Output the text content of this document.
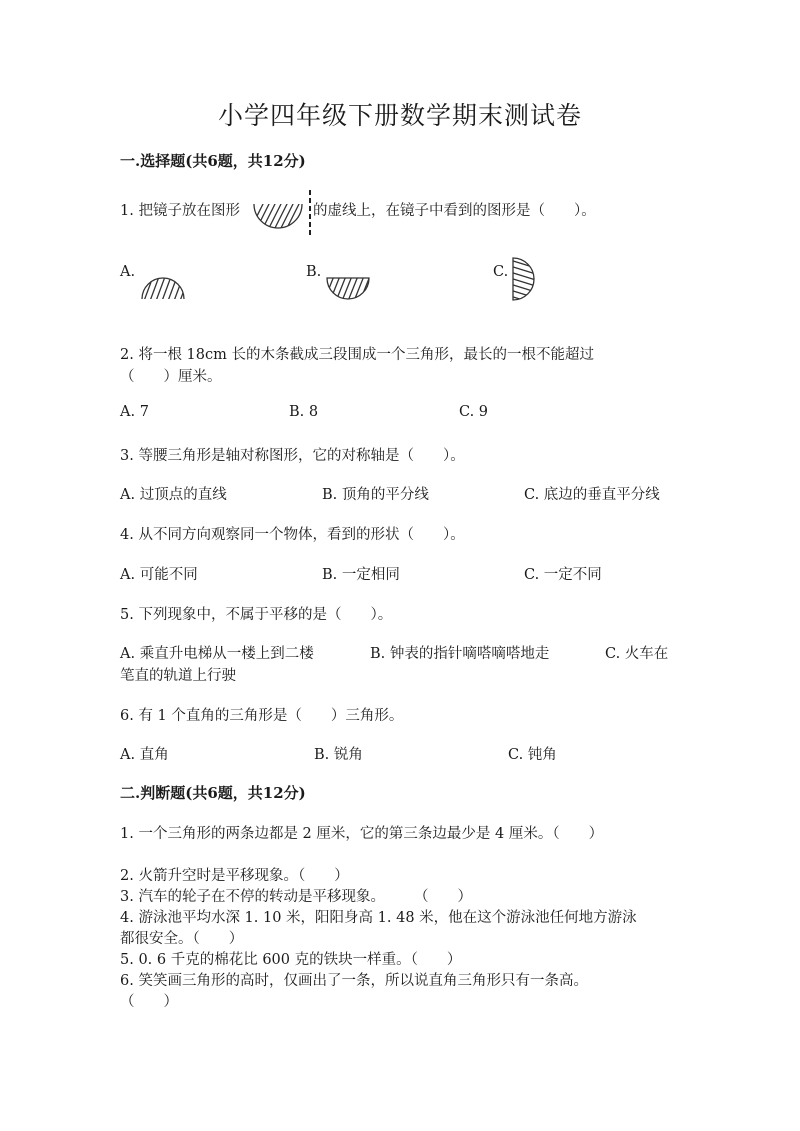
小学四年级下册数学期末测试卷
一.选择题(共6题，共12分)
1. 把镜子放在图形	的虚线上，在镜子中看到的图形是（　　）。
A.	B.	C.
2. 将一根 18cm 长的木条截成三段围成一个三角形，最长的一根不能超过
（　　）厘米。
A. 7	B. 8	C. 9
3. 等腰三角形是轴对称图形，它的对称轴是（　　）。
A. 过顶点的直线	B. 顶角的平分线	C. 底边的垂直平分线
4. 从不同方向观察同一个物体，看到的形状（　　）。
A. 可能不同	B. 一定相同	C. 一定不同
5. 下列现象中，不属于平移的是（　　）。
A. 乘直升电梯从一楼上到二楼	B. 钟表的指针嘀嗒嘀嗒地走	C. 火车在
笔直的轨道上行驶
6. 有 1 个直角的三角形是（　　）三角形。
A. 直角	B. 锐角	C. 钝角
二.判断题(共6题，共12分)
1. 一个三角形的两条边都是 2 厘米，它的第三条边最少是 4 厘米。（　　）
2. 火箭升空时是平移现象。（　　）
3. 汽车的轮子在不停的转动是平移现象。　　　（　　）
4. 游泳池平均水深 1. 10 米，阳阳身高 1. 48 米，他在这个游泳池任何地方游泳
都很安全。（　　）
5. 0. 6 千克的棉花比 600 克的铁块一样重。（　　）
6. 笑笑画三角形的高时，仅画出了一条，所以说直角三角形只有一条高。
（　　）
